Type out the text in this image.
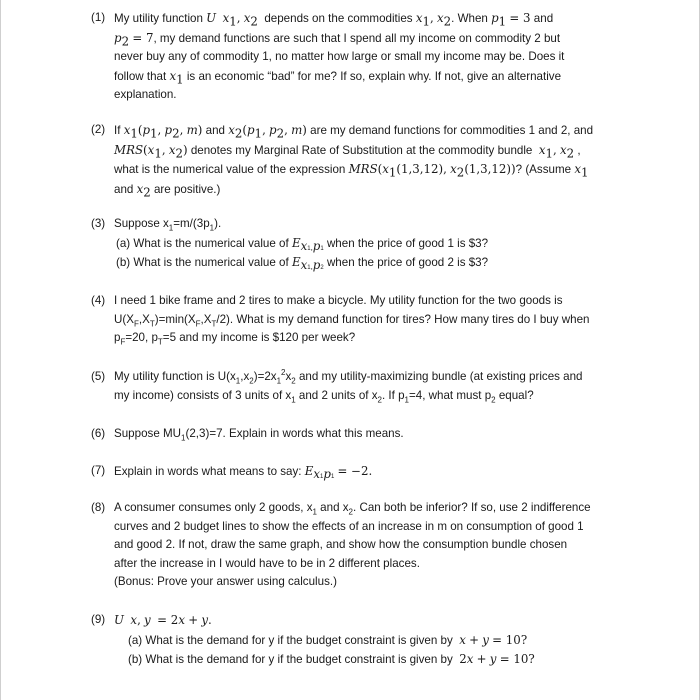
(1) My utility function U $x_1$, $x_2$ depends on the commodities $x_1$, $x_2$. When $p_1 = 3$ and
$p_2 = 7$, my demand functions are such that I spend all my income on commodity 2 but
never buy any of commodity 1, no matter how large or small my income may be. Does it
follow that $x_1$ is an economic “bad” for me? If so, explain why. If not, give an alternative
explanation.
(2) If $x_1(p_1$, $p_2$, m) and $x_2(p_1$, $p_2$, m) are my demand functions for commodities 1 and 2, and
$MRS(x_1$, $x_2$) denotes my Marginal Rate of Substitution at the commodity bundle $x_1$, $x_2$ ,
what is the numerical value of the expression $MRS(x_1(1,3,12)$, $x_2(1,3,12)$)? (Assume $x_1$
and $x_2$ are positive.)
(3) Suppose $x_1=m/(3p_1)$.
(a) What is the numerical value of $E_{x1,p1}$ when the price of good 1 is $3?
(b) What is the numerical value of $E_{x1,p2}$ when the price of good 2 is $3?
(4) I need 1 bike frame and 2 tires to make a bicycle. My utility function for the two goods is
$U(X_F,X_T)=\min(X_F,X_T/2)$. What is my demand function for tires? How many tires do I buy when
$p_F=20$, $p_T=5$ and my income is $120 per week?
(5) My utility function is $U(x_1,x_2)=2x_1^2x_2$ and my utility-maximizing bundle (at existing prices and
my income) consists of 3 units of $x_1$ and 2 units of $x_2$. If $p_1=4$, what must $p_2$ equal?
(6) Suppose $MU_1(2,3)=7$. Explain in words what this means.
(7) Explain in words what means to say: $E_{x1p1} = -2$.
(8) A consumer consumes only 2 goods, $x_1$ and $x_2$. Can both be inferior? If so, use 2 indifference
curves and 2 budget lines to show the effects of an increase in m on consumption of good 1
and good 2. If not, draw the same graph, and show how the consumption bundle chosen
after the increase in I would have to be in 2 different places.
(Bonus: Prove your answer using calculus.)
(9) U x, y = 2x + y.
(a) What is the demand for y if the budget constraint is given by x + y = 10?
(b) What is the demand for y if the budget constraint is given by 2x + y = 10?
